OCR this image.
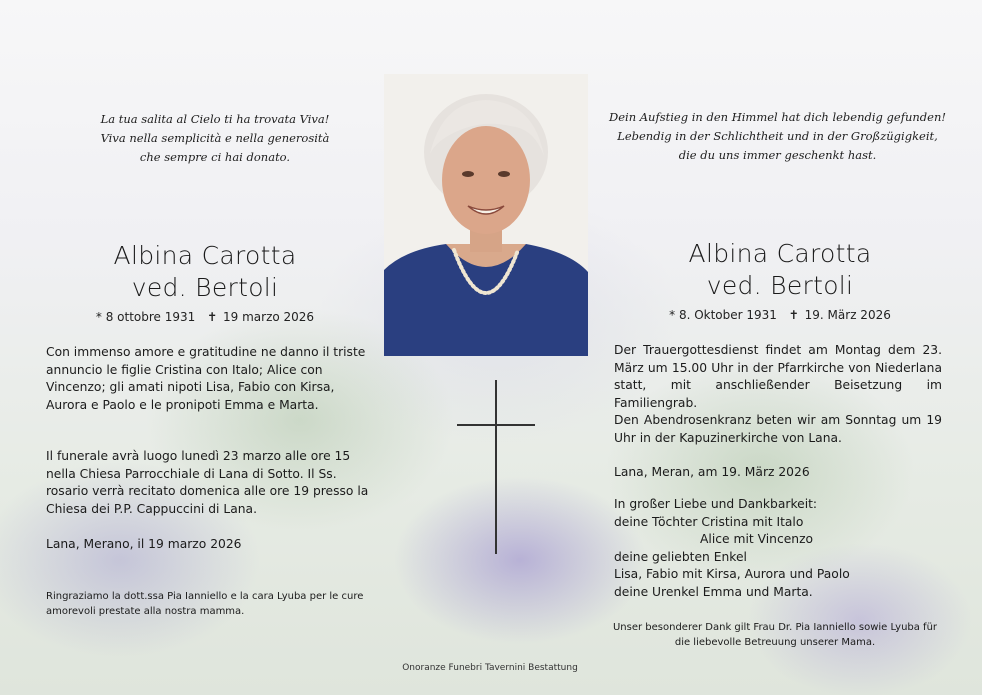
La tua salita al Cielo ti ha trovata Viva!
Viva nella semplicità e nella generosità
che sempre ci hai donato.
Dein Aufstieg in den Himmel hat dich lebendig gefunden!
Lebendig in der Schlichtheit und in der Großzügigkeit,
die du uns immer geschenkt hast.
Albina Carotta
ved. Bertoli
* 8 ottobre 1931 ✝ 19 marzo 2026
Albina Carotta
ved. Bertoli
* 8. Oktober 1931 ✝ 19. März 2026

Con immenso amore e gratitudine ne danno il triste annuncio le figlie Cristina con Italo; Alice con Vincenzo; gli amati nipoti Lisa, Fabio con Kirsa, Aurora e Paolo e le pronipoti Emma e Marta.

Il funerale avrà luogo lunedì 23 marzo alle ore 15 nella Chiesa Parrocchiale di Lana di Sotto. Il Ss. rosario verrà recitato domenica alle ore 19 presso la Chiesa dei P.P. Cappuccini di Lana.

Lana, Merano, il 19 marzo 2026

Ringraziamo la dott.ssa Pia Ianniello e la cara Lyuba per le cure amorevoli prestate alla nostra mamma.

Der Trauergottesdienst findet am Montag dem 23. März um 15.00 Uhr in der Pfarrkirche von Niederlana statt, mit anschließender Beisetzung im Familiengrab.

Den Abendrosenkranz beten wir am Sonntag um 19 Uhr in der Kapuzinerkirche von Lana.

Lana, Meran, am 19. März 2026

In großer Liebe und Dankbarkeit:

deine Töchter Cristina mit Italo

Alice mit Vincenzo

deine geliebten Enkel

Lisa, Fabio mit Kirsa, Aurora und Paolo

deine Urenkel Emma und Marta.

Unser besonderer Dank gilt Frau Dr. Pia Ianniello sowie Lyuba für die liebevolle Betreuung unserer Mama.

Onoranze Funebri Tavernini Bestattung
